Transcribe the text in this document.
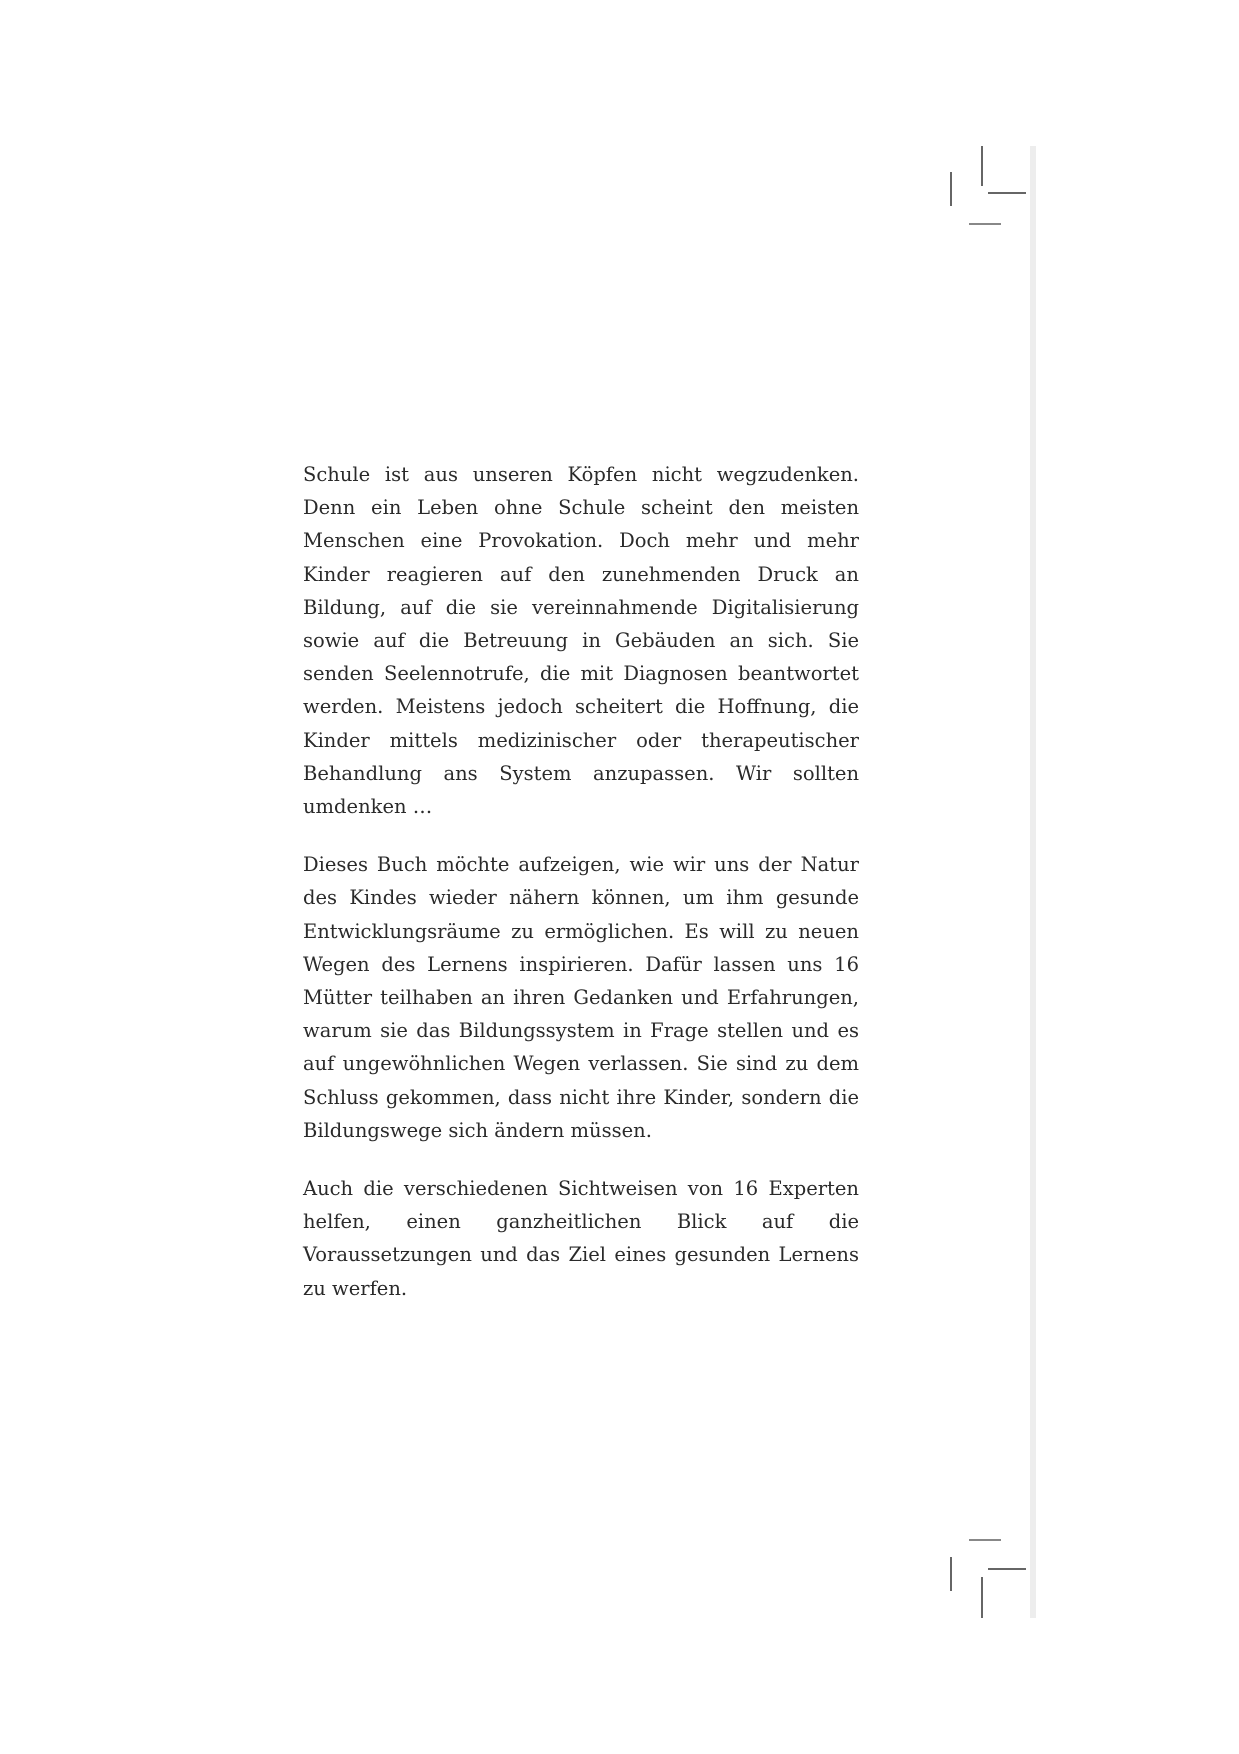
Schule ist aus unseren Köpfen nicht wegzudenken. Denn ein Leben ohne Schule scheint den meisten Menschen eine Provokation. Doch mehr und mehr Kinder reagieren auf den zunehmenden Druck an Bildung, auf die sie vereinnahmende Digitalisierung sowie auf die Betreuung in Gebäuden an sich. Sie senden Seelennotrufe, die mit Diagnosen beantwortet werden. Meistens jedoch scheitert die Hoffnung, die Kinder mittels medizinischer oder therapeutischer Behandlung ans System anzupassen. Wir sollten umdenken …

Dieses Buch möchte aufzeigen, wie wir uns der Natur des Kindes wieder nähern können, um ihm gesunde Entwicklungsräume zu ermöglichen. Es will zu neuen Wegen des Lernens inspirieren. Dafür lassen uns 16 Mütter teilhaben an ihren Gedanken und Erfahrungen, warum sie das Bildungssystem in Frage stellen und es auf ungewöhnlichen Wegen verlassen. Sie sind zu dem Schluss gekommen, dass nicht ihre Kinder, sondern die Bildungswege sich ändern müssen.

Auch die verschiedenen Sichtweisen von 16 Experten helfen, einen ganzheitlichen Blick auf die Voraussetzungen und das Ziel eines gesunden Lernens zu werfen.
